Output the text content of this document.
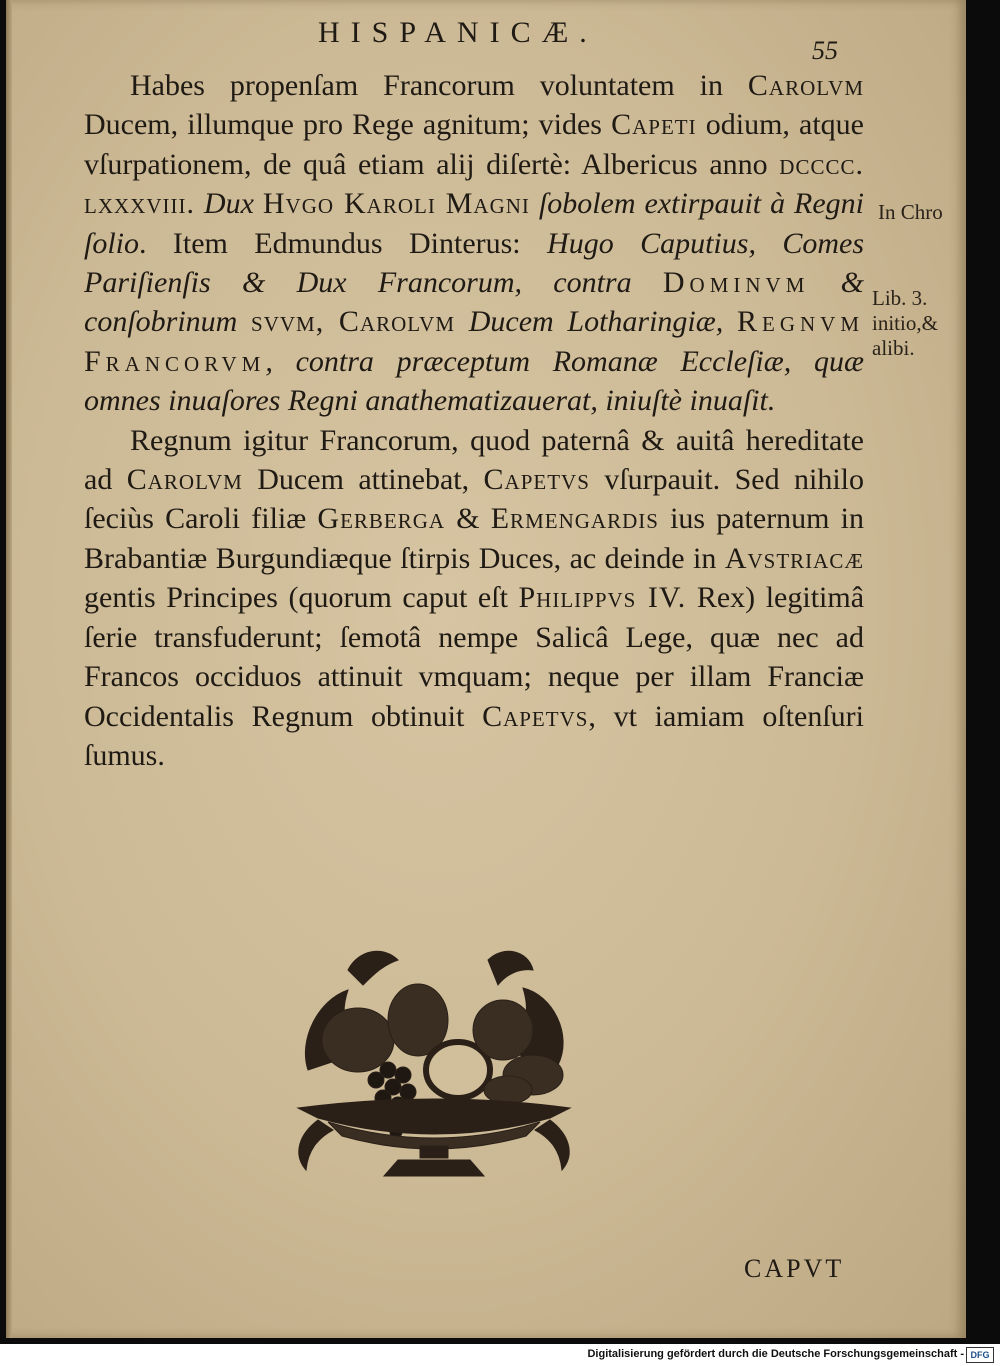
HISPANICÆ.
55

Habes propenſam Francorum voluntatem in Carolvm Ducem, illumque pro Rege agnitum; vides Capeti odium, atque vſurpationem, de quâ etiam alij diſertè: Albericus anno dcccc. lxxxviii. Dux Hvgo Karoli Magni ſobolem extirpauit à Regni ſolio. Item Edmundus Dinterus: Hugo Caputius, Comes Pariſienſis & Dux Francorum, contra Dominvm & conſobrinum svvm, Carolvm Ducem Lotharingiæ, Regnvm Francorvm, contra præceptum Romanæ Eccleſiæ, quæ omnes inuaſores Regni anathematizauerat, iniuſtè inuaſit.

Regnum igitur Francorum, quod paternâ & auitâ hereditate ad Carolvm Ducem attinebat, Capetvs vſurpauit. Sed nihilo ſeciùs Caroli filiæ Gerberga & Ermengardis ius paternum in Brabantiæ Burgundiæque ſtirpis Duces, ac deinde in Avstriacæ gentis Principes (quorum caput eſt Philippvs IV. Rex) legitimâ ſerie transfuderunt; ſemotâ nempe Salicâ Lege, quæ nec ad Francos occiduos attinuit vmquam; neque per illam Franciæ Occidentalis Regnum obtinuit Capetvs, vt iamiam oſtenſuri ſumus.

In Chro
Lib. 3.
initio,&
alibi.
CAPVT
Digitalisierung gefördert durch die Deutsche Forschungsgemeinschaft - DFG
